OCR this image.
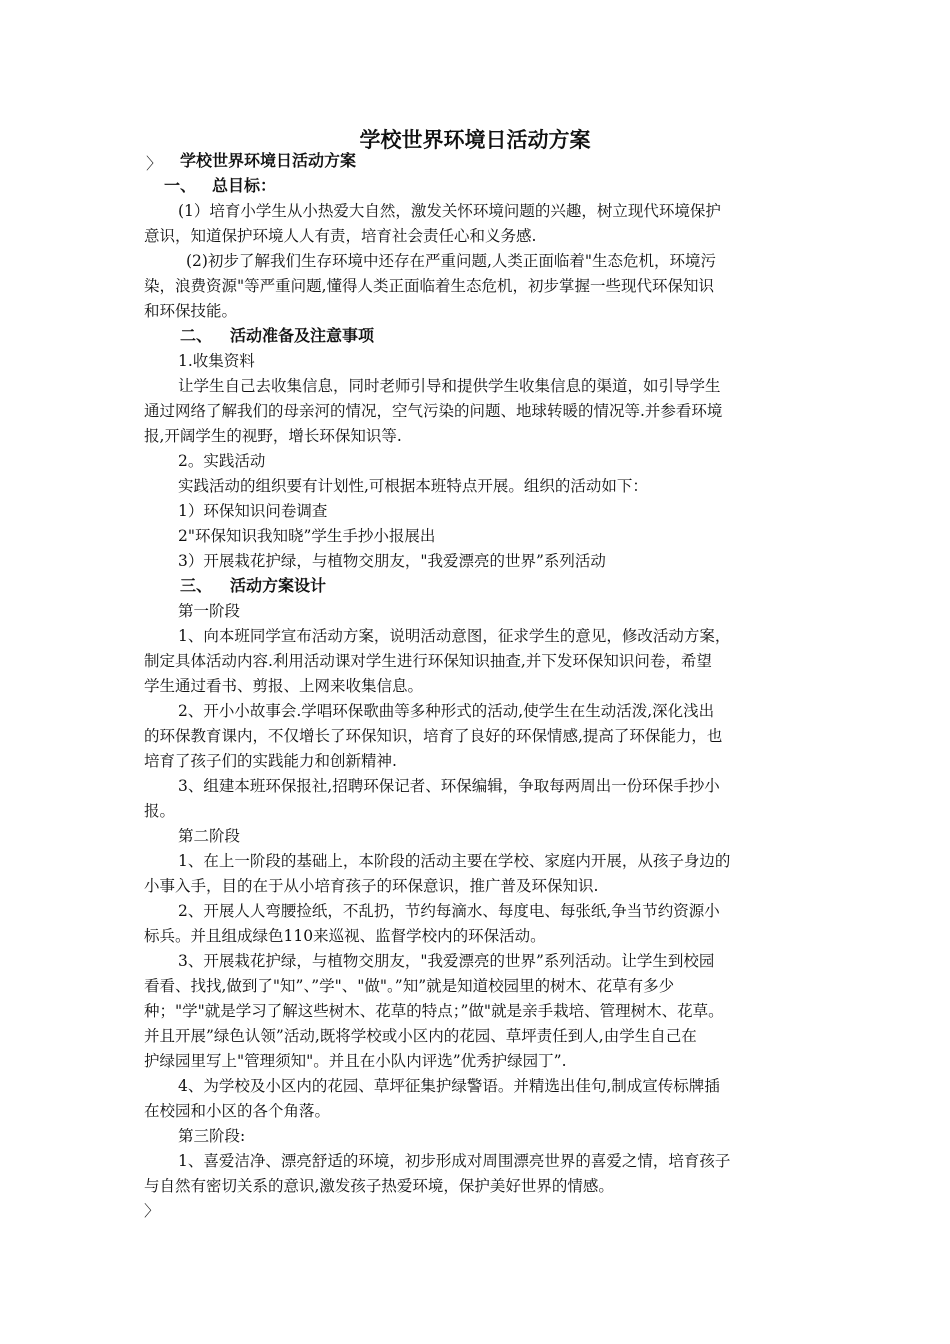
学校世界环境日活动方案
〉 学校世界环境日活动方案
一、 总目标：
(1）培育小学生从小热爱大自然，激发关怀环境问题的兴趣，树立现代环境保护
意识，知道保护环境人人有责，培育社会责任心和义务感.
(2)初步了解我们生存环境中还存在严重问题,人类正面临着"生态危机，环境污
染，浪费资源"等严重问题,懂得人类正面临着生态危机，初步掌握一些现代环保知识
和环保技能。
二、	活动准备及注意事项
1.收集资料
让学生自己去收集信息，同时老师引导和提供学生收集信息的渠道，如引导学生
通过网络了解我们的母亲河的情况，空气污染的问题、地球转暖的情况等.并参看环境
报,开阔学生的视野，增长环保知识等.
2。实践活动
实践活动的组织要有计划性,可根据本班特点开展。组织的活动如下：
1）环保知识问卷调查
2"环保知识我知晓”学生手抄小报展出
3）开展栽花护绿，与植物交朋友，"我爱漂亮的世界”系列活动
三、	活动方案设计
第一阶段
1、向本班同学宣布活动方案，说明活动意图，征求学生的意见，修改活动方案，
制定具体活动内容.利用活动课对学生进行环保知识抽查,并下发环保知识问卷，希望
学生通过看书、剪报、上网来收集信息。
2、开小小故事会.学唱环保歌曲等多种形式的活动,使学生在生动活泼,深化浅出
的环保教育课内，不仅增长了环保知识，培育了良好的环保情感,提高了环保能力，也
培育了孩子们的实践能力和创新精神.
3、组建本班环保报社,招聘环保记者、环保编辑，争取每两周出一份环保手抄小
报。
第二阶段
1、在上一阶段的基础上，本阶段的活动主要在学校、家庭内开展，从孩子身边的
小事入手，目的在于从小培育孩子的环保意识，推广普及环保知识.
2、开展人人弯腰捡纸，不乱扔，节约每滴水、每度电、每张纸,争当节约资源小
标兵。并且组成绿色110来巡视、监督学校内的环保活动。
3、开展栽花护绿，与植物交朋友，"我爱漂亮的世界”系列活动。让学生到校园
看看、找找,做到了"知”、”学"、"做"。”知”就是知道校园里的树木、花草有多少
种；"学"就是学习了解这些树木、花草的特点；”做"就是亲手栽培、管理树木、花草。
并且开展”绿色认领”活动,既将学校或小区内的花园、草坪责任到人,由学生自己在
护绿园里写上"管理须知"。并且在小队内评选”优秀护绿园丁”.
4、为学校及小区内的花园、草坪征集护绿警语。并精选出佳句,制成宣传标牌插
在校园和小区的各个角落。
第三阶段:
1、喜爱洁净、漂亮舒适的环境，初步形成对周围漂亮世界的喜爱之情，培育孩子
与自然有密切关系的意识,激发孩子热爱环境，保护美好世界的情感。
〉
